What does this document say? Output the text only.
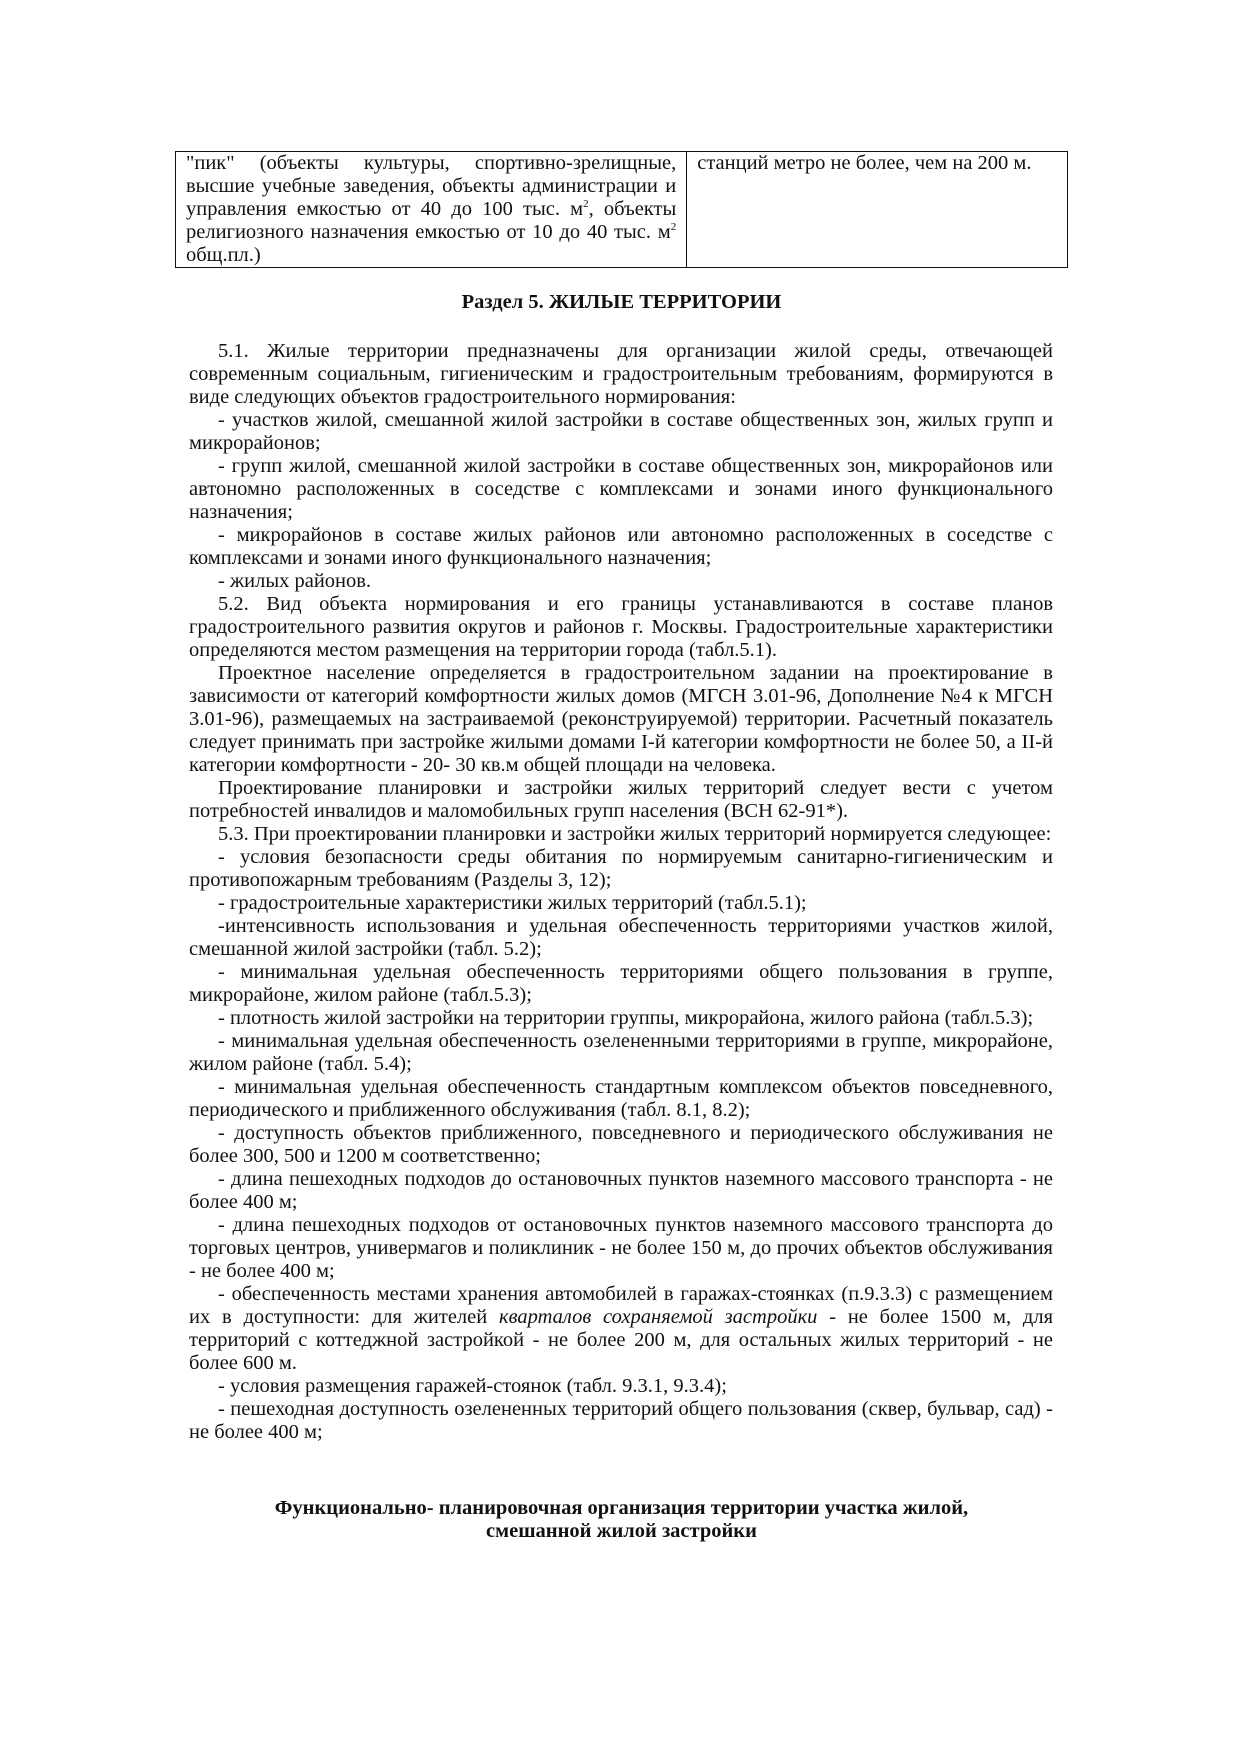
"пик" (объекты культуры, спортивно-зрелищные, высшие учебные заведения, объекты администрации и управления емкостью от 40 до 100 тыс. $м^2$, объекты религиозного назначения емкостью от 10 до 40 тыс. $м^2$ общ.пл.)	станций метро не более, чем на 200 м.
Раздел 5. ЖИЛЫЕ ТЕРРИТОРИИ

5.1. Жилые территории предназначены для организации жилой среды, отвечающей современным социальным, гигиеническим и градостроительным требованиям, формируются в виде следующих объектов градостроительного нормирования:

- участков жилой, смешанной жилой застройки в составе общественных зон, жилых групп и микрорайонов;

- групп жилой, смешанной жилой застройки в составе общественных зон, микрорайонов или автономно расположенных в соседстве с комплексами и зонами иного функционального назначения;

- микрорайонов в составе жилых районов или автономно расположенных в соседстве с комплексами и зонами иного функционального назначения;

- жилых районов.

5.2. Вид объекта нормирования и его границы устанавливаются в составе планов градостроительного развития округов и районов г. Москвы. Градостроительные характеристики определяются местом размещения на территории города (табл.5.1).

Проектное население определяется в градостроительном задании на проектирование в зависимости от категорий комфортности жилых домов (МГСН 3.01-96, Дополнение №4 к МГСН 3.01-96), размещаемых на застраиваемой (реконструируемой) территории. Расчетный показатель следует принимать при застройке жилыми домами I-й категории комфортности не более 50, а II-й категории комфортности - 20- 30 кв.м общей площади на человека.

Проектирование планировки и застройки жилых территорий следует вести с учетом потребностей инвалидов и маломобильных групп населения (ВСН 62-91*).

5.3. При проектировании планировки и застройки жилых территорий нормируется следующее:

- условия безопасности среды обитания по нормируемым санитарно-гигиеническим и противопожарным требованиям (Разделы 3, 12);

- градостроительные характеристики жилых территорий (табл.5.1);

-интенсивность использования и удельная обеспеченность территориями участков жилой, смешанной жилой застройки (табл. 5.2);

- минимальная удельная обеспеченность территориями общего пользования в группе, микрорайоне, жилом районе (табл.5.3);

- плотность жилой застройки на территории группы, микрорайона, жилого района (табл.5.3);

- минимальная удельная обеспеченность озелененными территориями в группе, микрорайоне, жилом районе (табл. 5.4);

- минимальная удельная обеспеченность стандартным комплексом объектов повседневного, периодического и приближенного обслуживания (табл. 8.1, 8.2);

- доступность объектов приближенного, повседневного и периодического обслуживания не более 300, 500 и 1200 м соответственно;

- длина пешеходных подходов до остановочных пунктов наземного массового транспорта - не более 400 м;

- длина пешеходных подходов от остановочных пунктов наземного массового транспорта до торговых центров, универмагов и поликлиник - не более 150 м, до прочих объектов обслуживания - не более 400 м;

- обеспеченность местами хранения автомобилей в гаражах-стоянках (п.9.3.3) с размещением их в доступности: для жителей кварталов сохраняемой застройки - не более 1500 м, для территорий с коттеджной застройкой - не более 200 м, для остальных жилых территорий - не более 600 м.

- условия размещения гаражей-стоянок (табл. 9.3.1, 9.3.4);

- пешеходная доступность озелененных территорий общего пользования (сквер, бульвар, сад) - не более 400 м;

Функционально- планировочная организация территории участка жилой,
смешанной жилой застройки
